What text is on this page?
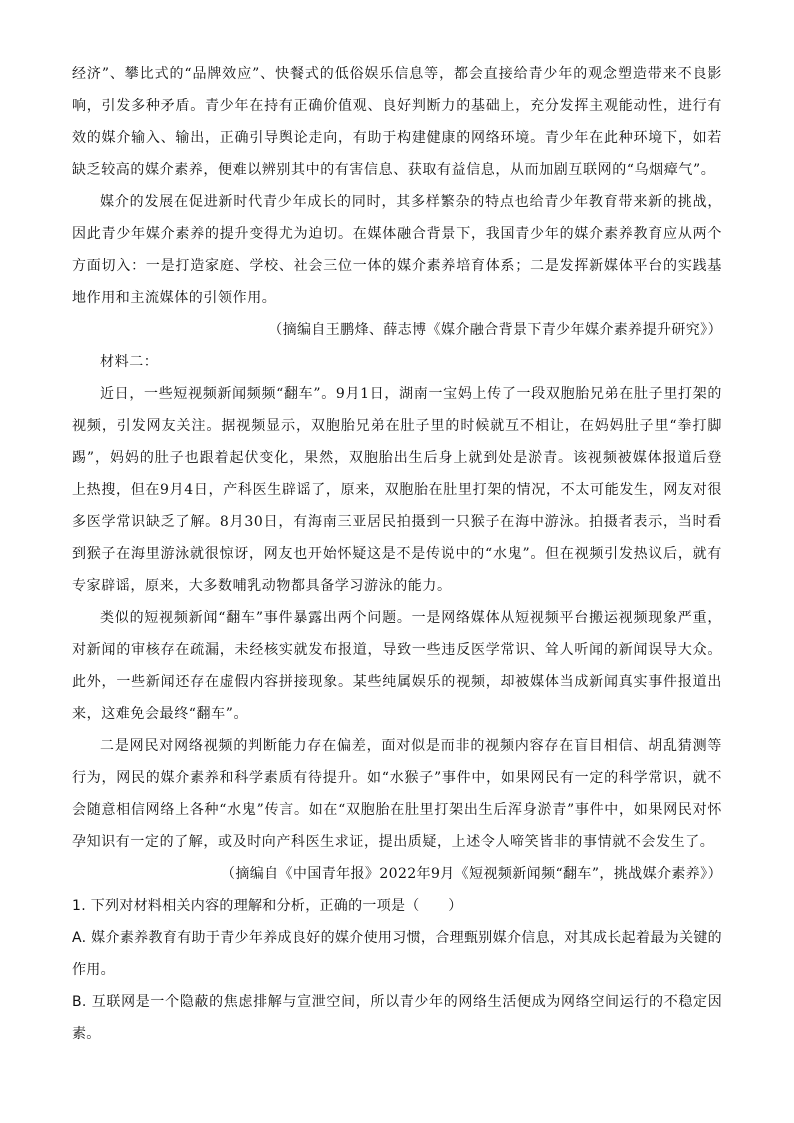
经济”、攀比式的“品牌效应”、快餐式的低俗娱乐信息等，都会直接给青少年的观念塑造带来不良影响，引发多种矛盾。青少年在持有正确价值观、良好判断力的基础上，充分发挥主观能动性，进行有效的媒介输入、输出，正确引导舆论走向，有助于构建健康的网络环境。青少年在此种环境下，如若缺乏较高的媒介素养，便难以辨别其中的有害信息、获取有益信息，从而加剧互联网的“乌烟瘴气”。

媒介的发展在促进新时代青少年成长的同时，其多样繁杂的特点也给青少年教育带来新的挑战，因此青少年媒介素养的提升变得尤为迫切。在媒体融合背景下，我国青少年的媒介素养教育应从两个方面切入：一是打造家庭、学校、社会三位一体的媒介素养培育体系；二是发挥新媒体平台的实践基地作用和主流媒体的引领作用。

（摘编自王鹏烽、薛志博《媒介融合背景下青少年媒介素养提升研究》）

材料二：

近日，一些短视频新闻频频“翻车”。9月1日，湖南一宝妈上传了一段双胞胎兄弟在肚子里打架的视频，引发网友关注。据视频显示，双胞胎兄弟在肚子里的时候就互不相让，在妈妈肚子里“拳打脚踢”，妈妈的肚子也跟着起伏变化，果然，双胞胎出生后身上就到处是淤青。该视频被媒体报道后登上热搜，但在9月4日，产科医生辟谣了，原来，双胞胎在肚里打架的情况，不太可能发生，网友对很多医学常识缺乏了解。8月30日，有海南三亚居民拍摄到一只猴子在海中游泳。拍摄者表示，当时看到猴子在海里游泳就很惊讶，网友也开始怀疑这是不是传说中的“水鬼”。但在视频引发热议后，就有专家辟谣，原来，大多数哺乳动物都具备学习游泳的能力。

类似的短视频新闻“翻车”事件暴露出两个问题。一是网络媒体从短视频平台搬运视频现象严重，对新闻的审核存在疏漏，未经核实就发布报道，导致一些违反医学常识、耸人听闻的新闻误导大众。此外，一些新闻还存在虚假内容拼接现象。某些纯属娱乐的视频，却被媒体当成新闻真实事件报道出来，这难免会最终“翻车”。

二是网民对网络视频的判断能力存在偏差，面对似是而非的视频内容存在盲目相信、胡乱猜测等行为，网民的媒介素养和科学素质有待提升。如“水猴子”事件中，如果网民有一定的科学常识，就不会随意相信网络上各种“水鬼”传言。如在“双胞胎在肚里打架出生后浑身淤青”事件中，如果网民对怀孕知识有一定的了解，或及时向产科医生求证，提出质疑，上述令人啼笑皆非的事情就不会发生了。

（摘编自《中国青年报》2022年9月《短视频新闻频“翻车”，挑战媒介素养》）

1. 下列对材料相关内容的理解和分析，正确的一项是（　　）

A. 媒介素养教育有助于青少年养成良好的媒介使用习惯，合理甄别媒介信息，对其成长起着最为关键的作用。

B. 互联网是一个隐蔽的焦虑排解与宣泄空间，所以青少年的网络生活便成为网络空间运行的不稳定因素。
